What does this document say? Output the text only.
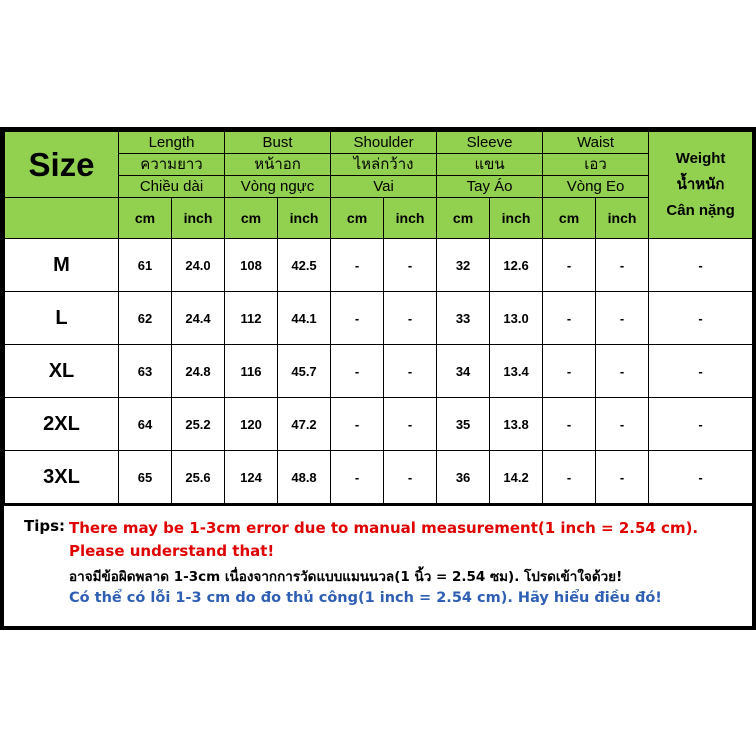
Size	Length		Bust		Shoulder		Sleeve		Waist		Weight
น้ำหนัก
Cân nặng

	ความยาว		หน้าอก		ไหล่กว้าง		แขน		เอว		
	Chiều dài		Vòng ngực		Vai		Tay Áo		Vòng Eo		
	cm	inch	cm	inch	cm	inch	cm	inch	cm	inch	
M	61	24.0	108	42.5	-	-	32	12.6	-	-	-
L	62	24.4	112	44.1	-	-	33	13.0	-	-	-
XL	63	24.8	116	45.7	-	-	34	13.4	-	-	-
2XL	64	25.2	120	47.2	-	-	35	13.8	-	-	-
3XL	65	25.6	124	48.8	-	-	36	14.2	-	-	-
Tips: There may be 1-3cm error due to manual measurement(1 inch = 2.54 cm). Please understand that!
อาจมีข้อผิดพลาด 1-3cm เนื่องจากการวัดแบบแมนนวล(1 นิ้ว = 2.54 ซม). โปรดเข้าใจด้วย!
Có thể có lỗi 1-3 cm do đo thủ công(1 inch = 2.54 cm). Hãy hiểu điều đó!
